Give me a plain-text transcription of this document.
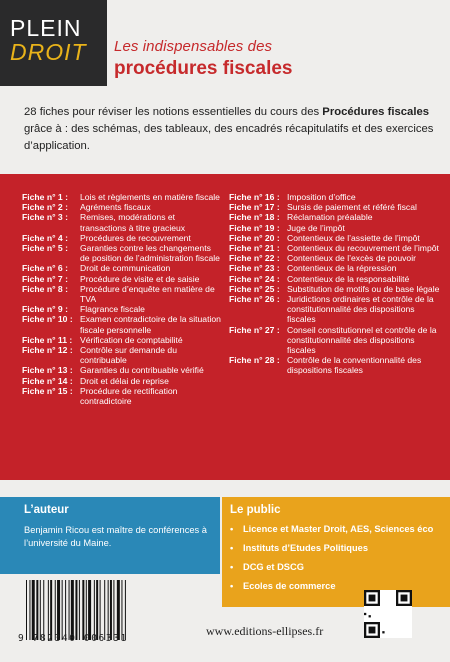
PLEIN
DROIT	Les indispensables des
procédures fiscales

28 fiches pour réviser les notions essentielles du cours des Procédures fiscales grâce à : des schémas, des tableaux, des encadrés récapitulatifs et des exercices d’application.

Fiche n° 1 :	Lois et règlements en matière fiscale
Fiche n° 2 :	Agréments fiscaux
Fiche n° 3 :	Remises, modérations et transactions à titre gracieux
Fiche n° 4 :	Procédures de recouvrement
Fiche n° 5 :	Garanties contre les changements de position de l’administration fiscale
Fiche n° 6 :	Droit de communication
Fiche n° 7 :	Procédure de visite et de saisie
Fiche n° 8 :	Procédure d’enquête en matière de TVA
Fiche n° 9 :	Flagrance fiscale
Fiche n° 10 : Examen contradictoire de la situation fiscale personnelle
Fiche n° 11 : Vérification de comptabilité
Fiche n° 12 : Contrôle sur demande du contribuable
Fiche n° 13 : Garanties du contribuable vérifié
Fiche n° 14 : Droit et délai de reprise
Fiche n° 15 : Procédure de rectification contradictoire
Fiche n° 16 : Imposition d’office
Fiche n° 17 : Sursis de paiement et référé fiscal
Fiche n° 18 : Réclamation préalable
Fiche n° 19 : Juge de l’impôt
Fiche n° 20 : Contentieux de l’assiette de l’impôt
Fiche n° 21 : Contentieux du recouvrement de l’impôt
Fiche n° 22 : Contentieux de l’excès de pouvoir
Fiche n° 23 : Contentieux de la répression
Fiche n° 24 : Contentieux de la responsabilité
Fiche n° 25 : Substitution de motifs ou de base légale
Fiche n° 26 : Juridictions ordinaires et contrôle de la constitutionnalité des dispositions fiscales
Fiche n° 27 : Conseil constitutionnel et contrôle de la constitutionnalité des dispositions fiscales
Fiche n° 28 : Contrôle de la conventionnalité des dispositions fiscales
L’auteur
Benjamin Ricou est maître de conférences à l’université du Maine.
Le public
•	Licence et Master Droit, AES, Sciences éco
•	Instituts d’Etudes Politiques
•	DCG et DSCG
•	Ecoles de commerce
9 782340 006331
www.editions-ellipses.fr
